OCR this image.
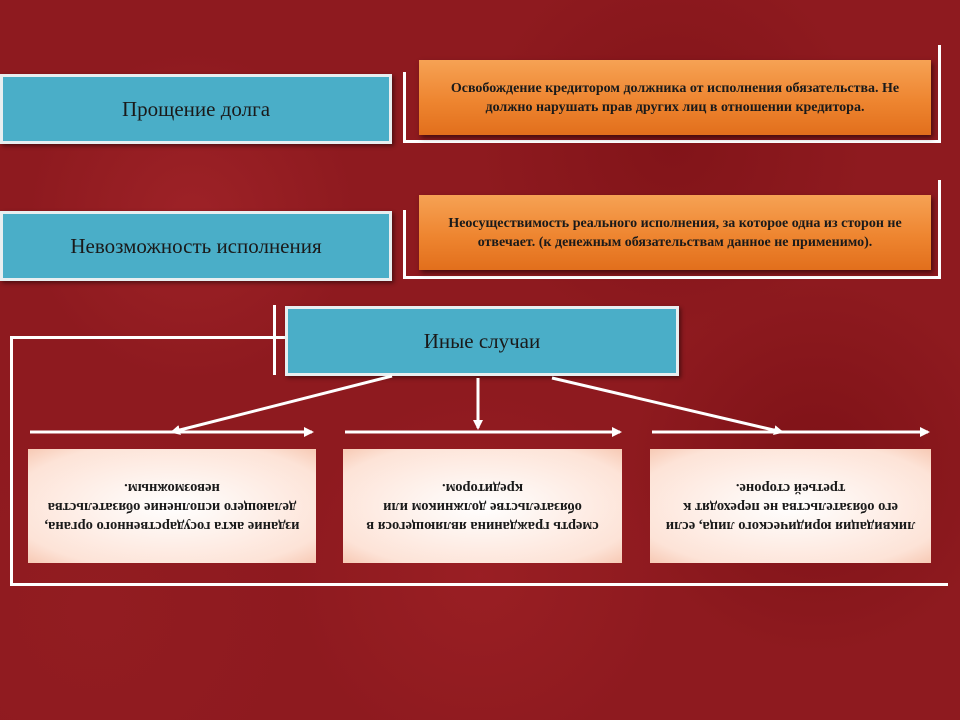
Прощение долга
Освобождение кредитором должника от исполнения обязательства. Не должно нарушать прав других лиц в отношении кредитора.
Невозможность исполнения
Неосуществимость реального исполнения, за которое одна из сторон не отвечает. (к денежным обязательствам данное не применимо).
Иные случаи
издание акта государственного органа, делающего исполнение обязательства невозможным.
смерть гражданина являющегося в обязательстве должником или кредитором.
ликвидация юридического лица, если его обязательства не переходят к третьей стороне.
